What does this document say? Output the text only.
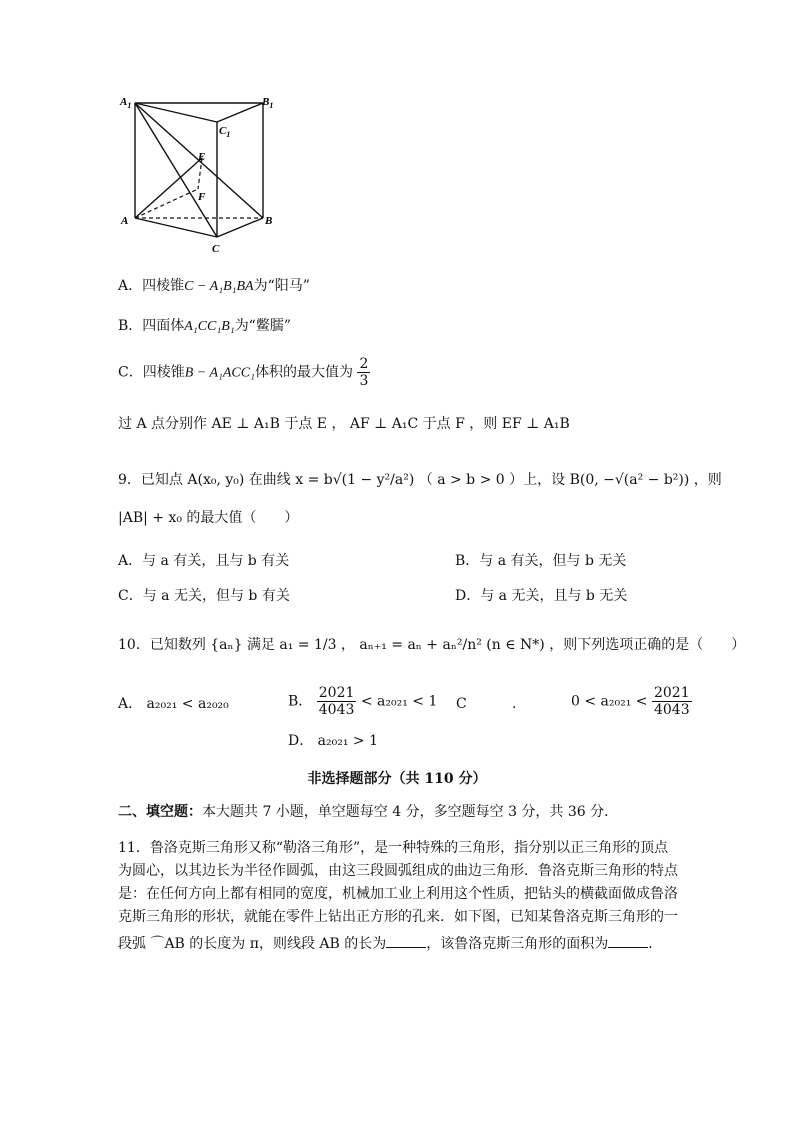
$A_1$	$B_1$
$C_1$
E
F
A	B
C
A．四棱锥C − A₁B₁BA为“阳马”
B．四面体A₁CC₁B₁为“鳖臑”
C．四棱锥B − A₁ACC₁体积的最大值为 $\frac{2}{3}$
过 A 点分别作 AE ⊥ A₁B 于点 E ， AF ⊥ A₁C 于点 F ，则 EF ⊥ A₁B
9．已知点 A(x₀, y₀) 在曲线 x = b√(1 − y²/a²) （ a > b > 0 ）上，设 B(0, −√(a² − b²)) ，则
|AB| + x₀ 的最大值（　　）
A．与 a 有关，且与 b 有关	B．与 a 有关，但与 b 无关
C．与 a 无关，但与 b 有关	D．与 a 无关，且与 b 无关
10．已知数列 {aₙ} 满足 a₁ = 1/3 ， aₙ₊₁ = aₙ + aₙ²/n² (n ∈ N*) ，则下列选项正确的是（　　）
A． a₂₀₂₁ < a₂₀₂₀	B． $\frac{2021}{4043} < a_{2021} < 1$ C	.	$0 < a_{2021} < \frac{2021}{4043}$
D． a₂₀₂₁ > 1
非选择题部分（共 110 分）
二、填空题：本大题共 7 小题，单空题每空 4 分，多空题每空 3 分，共 36 分．
11．鲁洛克斯三角形又称“勒洛三角形”，是一种特殊的三角形，指分别以正三角形的顶点
为圆心，以其边长为半径作圆弧，由这三段圆弧组成的曲边三角形．鲁洛克斯三角形的特点
是：在任何方向上都有相同的宽度，机械加工业上利用这个性质，把钻头的横截面做成鲁洛
克斯三角形的形状，就能在零件上钻出正方形的孔来．如下图，已知某鲁洛克斯三角形的一
段弧 ⌒AB 的长度为 π，则线段 AB 的长为	，该鲁洛克斯三角形的面积为	．
